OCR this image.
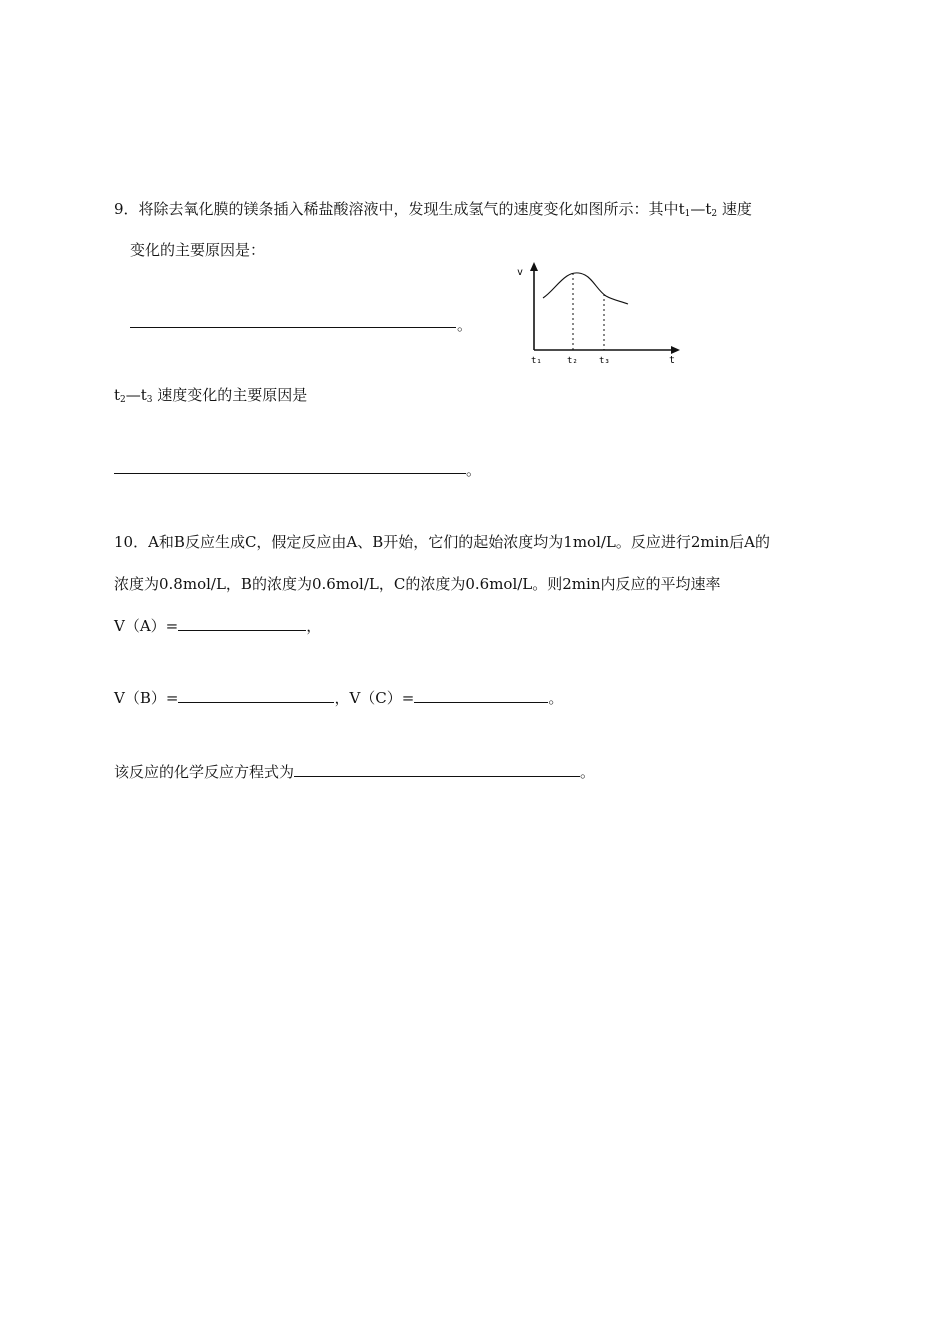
9．将除去氧化膜的镁条插入稀盐酸溶液中，发现生成氢气的速度变化如图所示：其中$t_1—t_2$ 速度
变化的主要原因是：
。
v
t
t₁	t₂ t₃
$t_2—t_3$ 速度变化的主要原因是
。
10．A和B反应生成C，假定反应由A、B开始，它们的起始浓度均为1mol/L。反应进行2min后A的
浓度为0.8mol/L，B的浓度为0.6mol/L，C的浓度为0.6mol/L。则2min内反应的平均速率
V（A）=	，
V（B）=	，V（C）=	。
该反应的化学反应方程式为	。
